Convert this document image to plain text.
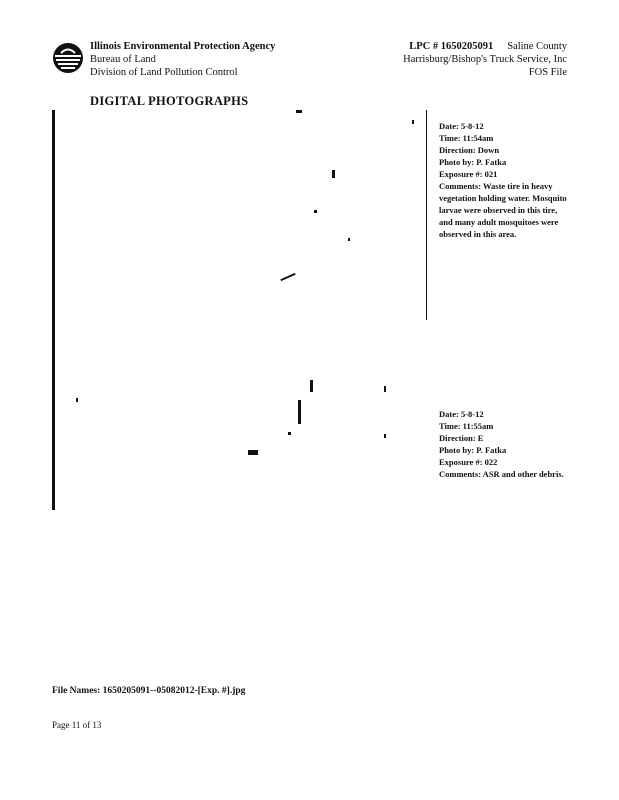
Illinois Environmental Protection Agency
Bureau of Land
Division of Land Pollution Control
LPC # 1650205091 Saline County
Harrisburg/Bishop's Truck Service, Inc
FOS File
DIGITAL PHOTOGRAPHS
Date: 5-8-12
Time: 11:54am
Direction: Down
Photo by: P. Fatka
Exposure #: 021
Comments: Waste tire in heavy vegetation holding water. Mosquito larvae were observed in this tire, and many adult mosquitoes were observed in this area.
Date: 5-8-12
Time: 11:55am
Direction: E
Photo by: P. Fatka
Exposure #: 022
Comments: ASR and other debris.
File Names: 1650205091--05082012-[Exp. #].jpg
Page 11 of 13
